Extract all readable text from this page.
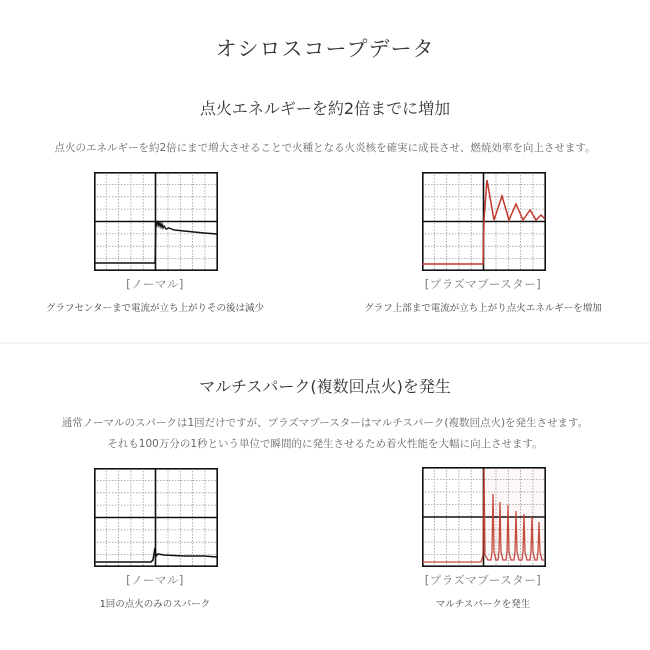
オシロスコープデータ
点火エネルギーを約2倍までに増加
点火のエネルギーを約2倍にまで増大させることで火種となる火炎核を確実に成長させ、燃焼効率を向上させます。
[ノーマル]
グラフセンターまで電流が立ち上がりその後は減少
[プラズマブースター]
グラフ上部まで電流が立ち上がり点火エネルギーを増加
マルチスパーク(複数回点火)を発生
通常ノーマルのスパークは1回だけですが、プラズマブースターはマルチスパーク(複数回点火)を発生させます。
それも100万分の1秒という単位で瞬間的に発生させるため着火性能を大幅に向上させます。
[ノーマル]
1回の点火のみのスパーク
[プラズマブースター]
マルチスパークを発生
